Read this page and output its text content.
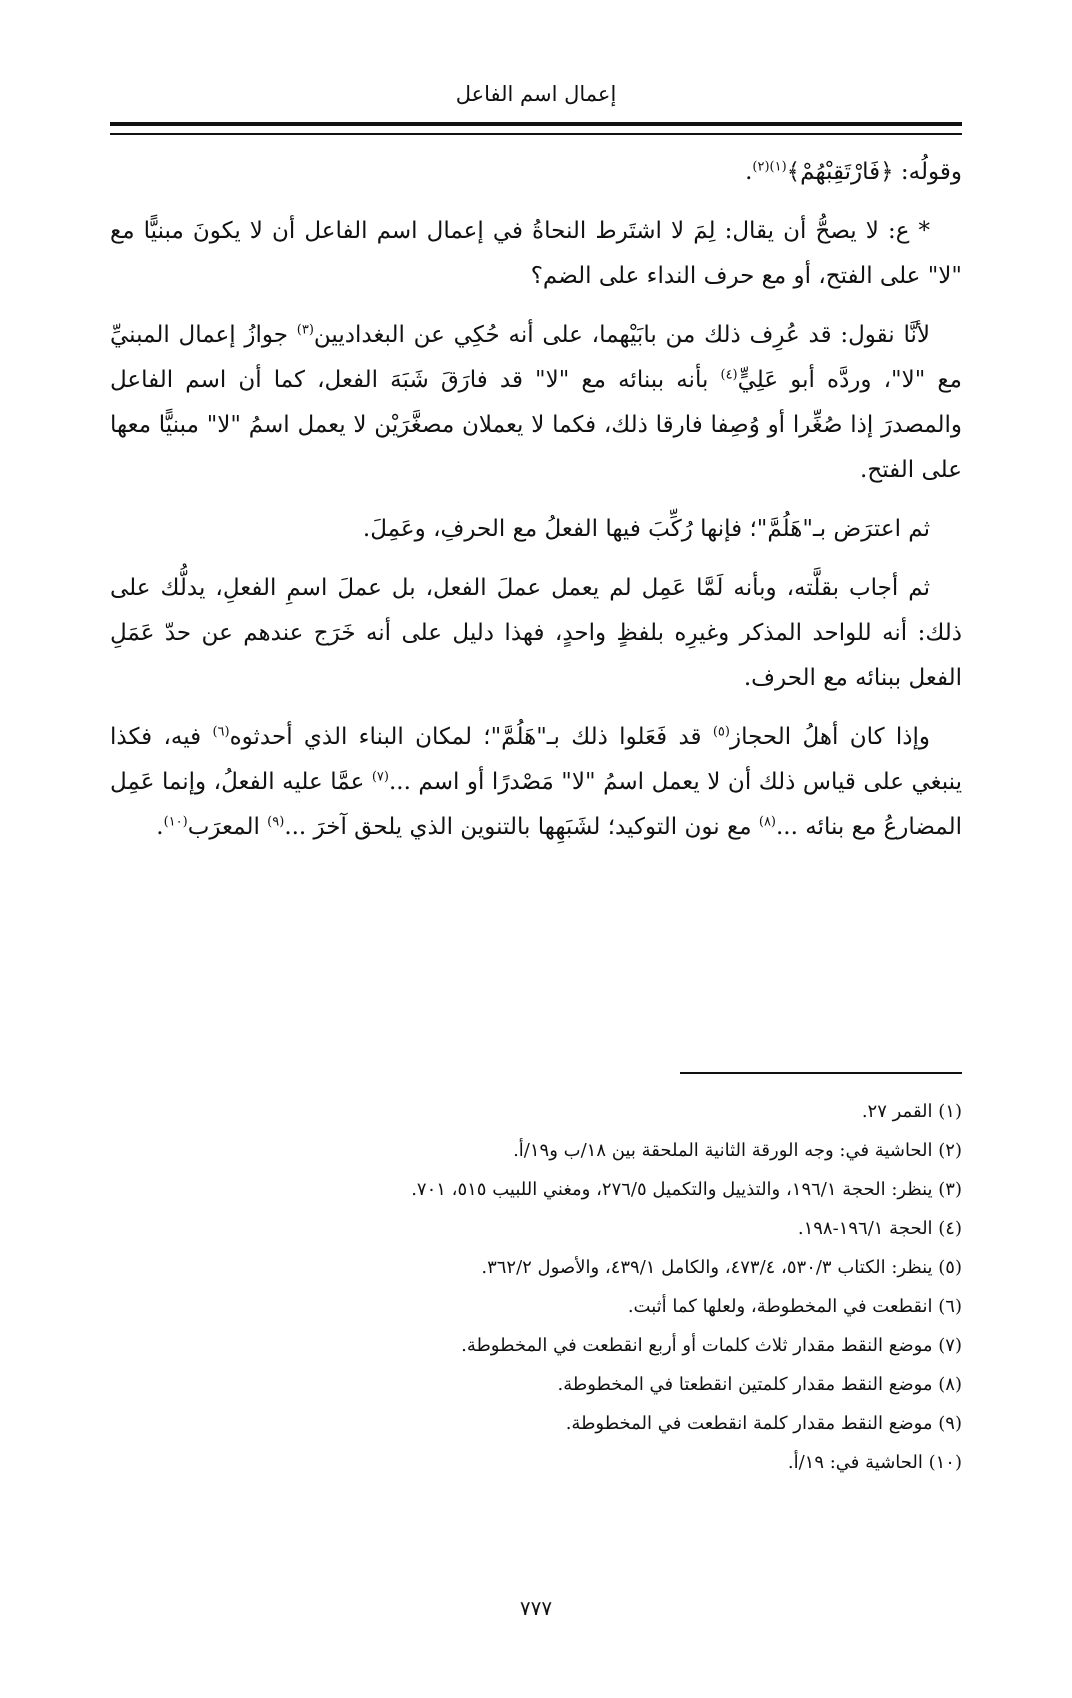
إعمال اسم الفاعل

وقولُه: ﴿فَارْتَقِبْهُمْ﴾$^{(١)(٢)}$.

* ع: لا يصحُّ أن يقال: لِمَ لا اشتَرط النحاةُ في إعمال اسم الفاعل أن لا يكونَ مبنيًّا مع "لا" على الفتح، أو مع حرف النداء على الضم؟

لأنَّا نقول: قد عُرِف ذلك من بابَيْهما، على أنه حُكِي عن البغداديين$^{(٣)}$ جوازُ إعمال المبنيِّ مع "لا"، وردَّه أبو عَلِيٍّ$^{(٤)}$ بأنه ببنائه مع "لا" قد فارَقَ شَبَهَ الفعل، كما أن اسم الفاعل والمصدرَ إذا صُغِّرا أو وُصِفا فارقا ذلك، فكما لا يعملان مصغَّرَيْن لا يعمل اسمُ "لا" مبنيًّا معها على الفتح.

ثم اعترَض بـ"هَلُمَّ"؛ فإنها رُكِّبَ فيها الفعلُ مع الحرفِ، وعَمِلَ.

ثم أجاب بقلَّته، وبأنه لَمَّا عَمِل لم يعمل عملَ الفعل، بل عملَ اسمِ الفعلِ، يدلُّك على ذلك: أنه للواحد المذكر وغيرِه بلفظٍ واحدٍ، فهذا دليل على أنه خَرَج عندهم عن حدّ عَمَلِ الفعل ببنائه مع الحرف.

وإذا كان أهلُ الحجاز$^{(٥)}$ قد فَعَلوا ذلك بـ"هَلُمَّ"؛ لمكان البناء الذي أحدثوه$^{(٦)}$ فيه، فكذا ينبغي على قياس ذلك أن لا يعمل اسمُ "لا" مَصْدرًا أو اسم ...$^{(٧)}$ عمَّا عليه الفعلُ، وإنما عَمِل المضارعُ مع بنائه ...$^{(٨)}$ مع نون التوكيد؛ لشَبَهِها بالتنوين الذي يلحق آخرَ ...$^{(٩)}$ المعرَب$^{(١٠)}$.

(١) القمر ٢٧.
(٢) الحاشية في: وجه الورقة الثانية الملحقة بين ١٨/ب و١٩/أ.
(٣) ينظر: الحجة ١٩٦/١، والتذييل والتكميل ٢٧٦/٥، ومغني اللبيب ٥١٥، ٧٠١.
(٤) الحجة ١٩٦/١-١٩٨.
(٥) ينظر: الكتاب ٥٣٠/٣، ٤٧٣/٤، والكامل ٤٣٩/١، والأصول ٣٦٢/٢.
(٦) انقطعت في المخطوطة، ولعلها كما أثبت.
(٧) موضع النقط مقدار ثلاث كلمات أو أربع انقطعت في المخطوطة.
(٨) موضع النقط مقدار كلمتين انقطعتا في المخطوطة.
(٩) موضع النقط مقدار كلمة انقطعت في المخطوطة.
(١٠) الحاشية في: ١٩/أ.
٧٧٧
